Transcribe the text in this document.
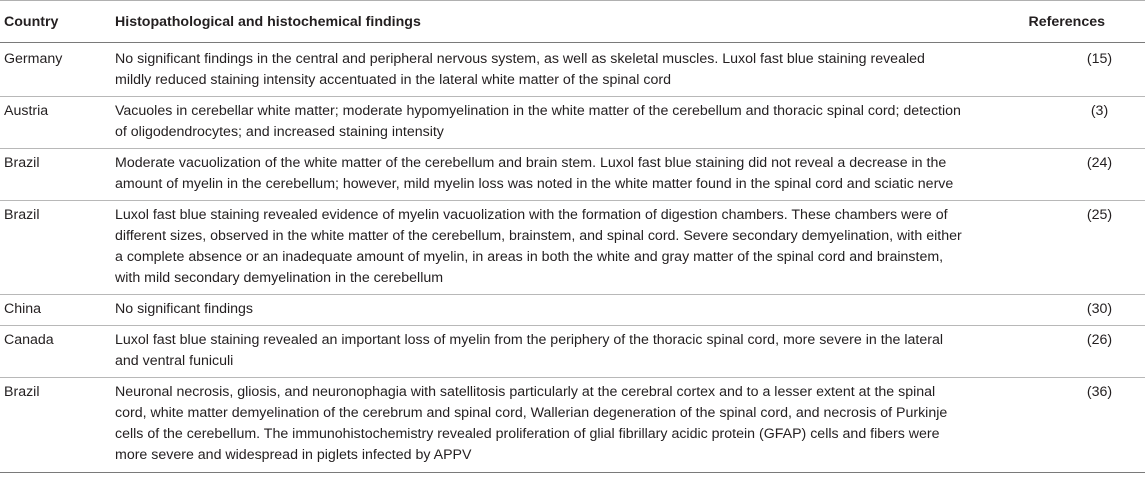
Country	Histopathological and histochemical findings	References
Germany	No significant findings in the central and peripheral nervous system, as well as skeletal muscles. Luxol fast blue staining revealed mildly reduced staining intensity accentuated in the lateral white matter of the spinal cord	(15)
Austria	Vacuoles in cerebellar white matter; moderate hypomyelination in the white matter of the cerebellum and thoracic spinal cord; detection of oligodendrocytes; and increased staining intensity	(3)
Brazil	Moderate vacuolization of the white matter of the cerebellum and brain stem. Luxol fast blue staining did not reveal a decrease in the amount of myelin in the cerebellum; however, mild myelin loss was noted in the white matter found in the spinal cord and sciatic nerve	(24)
Brazil	Luxol fast blue staining revealed evidence of myelin vacuolization with the formation of digestion chambers. These chambers were of different sizes, observed in the white matter of the cerebellum, brainstem, and spinal cord. Severe secondary demyelination, with either a complete absence or an inadequate amount of myelin, in areas in both the white and gray matter of the spinal cord and brainstem, with mild secondary demyelination in the cerebellum	(25)
China	No significant findings	(30)
Canada	Luxol fast blue staining revealed an important loss of myelin from the periphery of the thoracic spinal cord, more severe in the lateral and ventral funiculi	(26)
Brazil	Neuronal necrosis, gliosis, and neuronophagia with satellitosis particularly at the cerebral cortex and to a lesser extent at the spinal cord, white matter demyelination of the cerebrum and spinal cord, Wallerian degeneration of the spinal cord, and necrosis of Purkinje cells of the cerebellum. The immunohistochemistry revealed proliferation of glial fibrillary acidic protein (GFAP) cells and fibers were more severe and widespread in piglets infected by APPV	(36)
